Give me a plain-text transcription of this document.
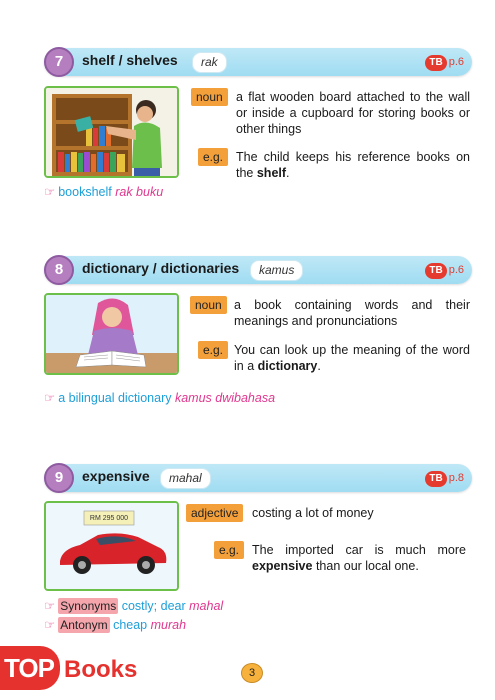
7	shelf / shelves	rak	TB p.6
noun	a flat wooden board attached to the wall or inside a cupboard for storing books or other things
e.g.	The child keeps his reference books on the shelf.
☞ bookshelf rak buku
8	dictionary / dictionaries	kamus	TB p.6
noun a book containing words and their meanings and pronunciations
e.g. You can look up the meaning of the word in a dictionary.
☞ a bilingual dictionary kamus dwibahasa
9	expensive	mahal	TB p.8
RM 295 000	adjective	costing a lot of money
e.g.	The imported car is much more expensive than our local one.
☞ Synonyms costly; dear mahal
☞ Antonym cheap murah
TOP Books	3
